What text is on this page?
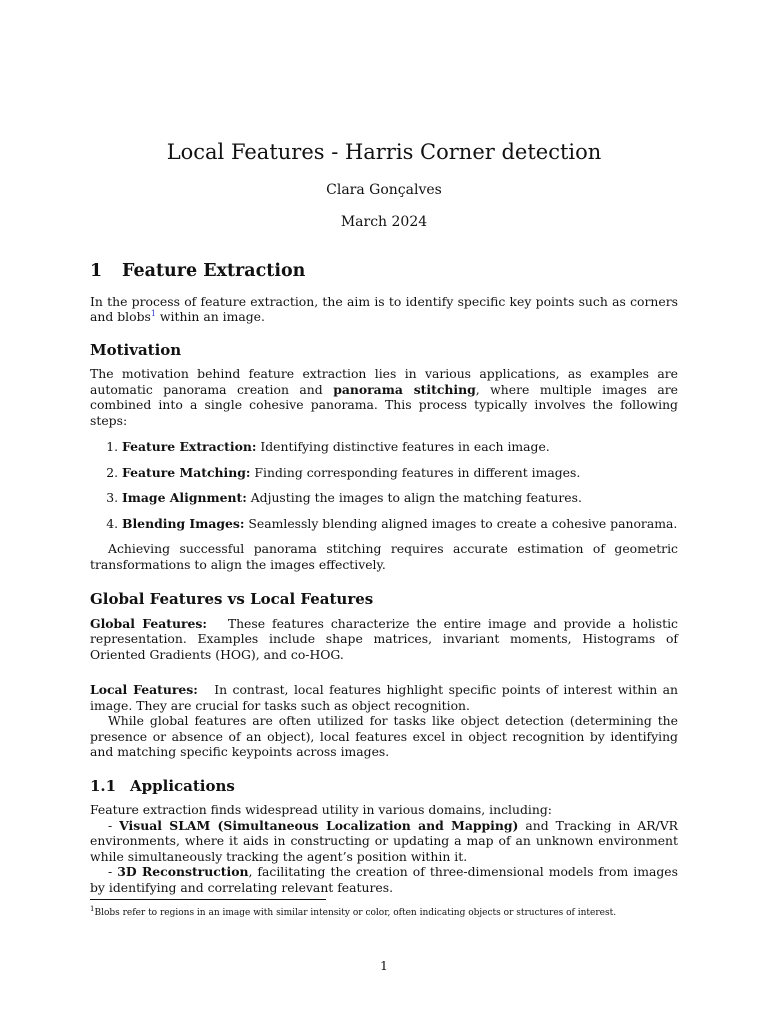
Local Features - Harris Corner detection
Clara Gonçalves
March 2024
1 Feature Extraction

In the process of feature extraction, the aim is to identify specific key points such as corners and blobs$^1$ within an image.

Motivation

The motivation behind feature extraction lies in various applications, as examples are automatic panorama creation and panorama stitching, where multiple images are combined into a single cohesive panorama. This process typically involves the following steps:

1. Feature Extraction: Identifying distinctive features in each image.
2. Feature Matching: Finding corresponding features in different images.
3. Image Alignment: Adjusting the images to align the matching features.
4. Blending Images: Seamlessly blending aligned images to create a cohesive panorama.

Achieving successful panorama stitching requires accurate estimation of geometric transformations to align the images effectively.

Global Features vs Local Features

Global Features: These features characterize the entire image and provide a holistic representation. Examples include shape matrices, invariant moments, Histograms of Oriented Gradients (HOG), and co-HOG.

Local Features: In contrast, local features highlight specific points of interest within an image. They are crucial for tasks such as object recognition.

While global features are often utilized for tasks like object detection (determining the presence or absence of an object), local features excel in object recognition by identifying and matching specific keypoints across images.

1.1 Applications

Feature extraction finds widespread utility in various domains, including:

- Visual SLAM (Simultaneous Localization and Mapping) and Tracking in AR/VR environments, where it aids in constructing or updating a map of an unknown environment while simultaneously tracking the agent’s position within it.

- 3D Reconstruction, facilitating the creation of three-dimensional models from images by identifying and correlating relevant features.

$^1$Blobs refer to regions in an image with similar intensity or color, often indicating objects or structures of interest.
1
